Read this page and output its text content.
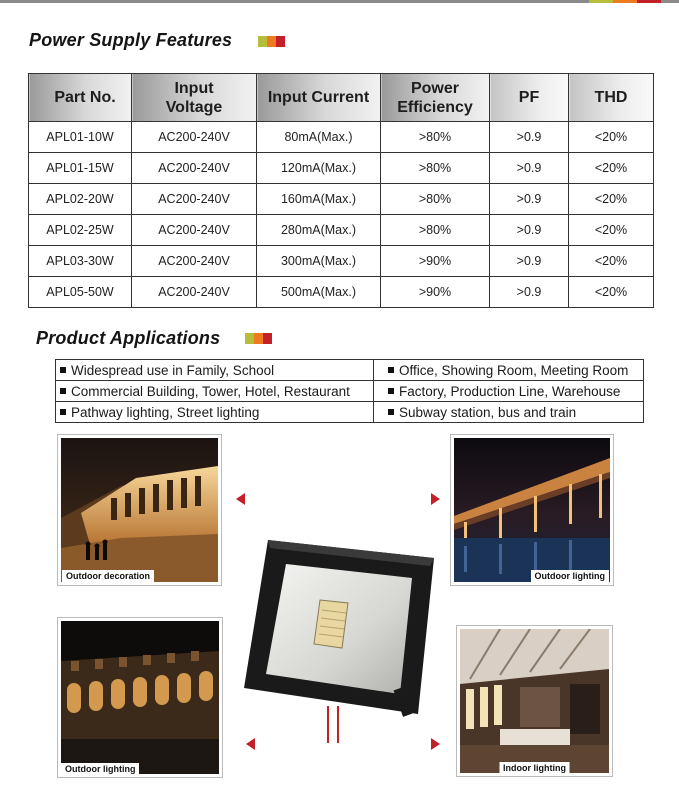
Power Supply Features
Part No.	Input Voltage	Input Current	Power Efficiency	PF	THD
APL01-10W	AC200-240V	80mA(Max.)	>80%	>0.9	<20%
APL01-15W	AC200-240V	120mA(Max.)	>80%	>0.9	<20%
APL02-20W	AC200-240V	160mA(Max.)	>80%	>0.9	<20%
APL02-25W	AC200-240V	280mA(Max.)	>80%	>0.9	<20%
APL03-30W	AC200-240V	300mA(Max.)	>90%	>0.9	<20%
APL05-50W	AC200-240V	500mA(Max.)	>90%	>0.9	<20%
Product Applications
Widespread use in Family, School	Office, Showing Room, Meeting Room
Commercial Building, Tower, Hotel, Restaurant	Factory, Production Line, Warehouse
Pathway lighting, Street lighting	Subway station, bus and train
Outdoor decoration	Outdoor lighting
Outdoor lighting	Indoor lighting
